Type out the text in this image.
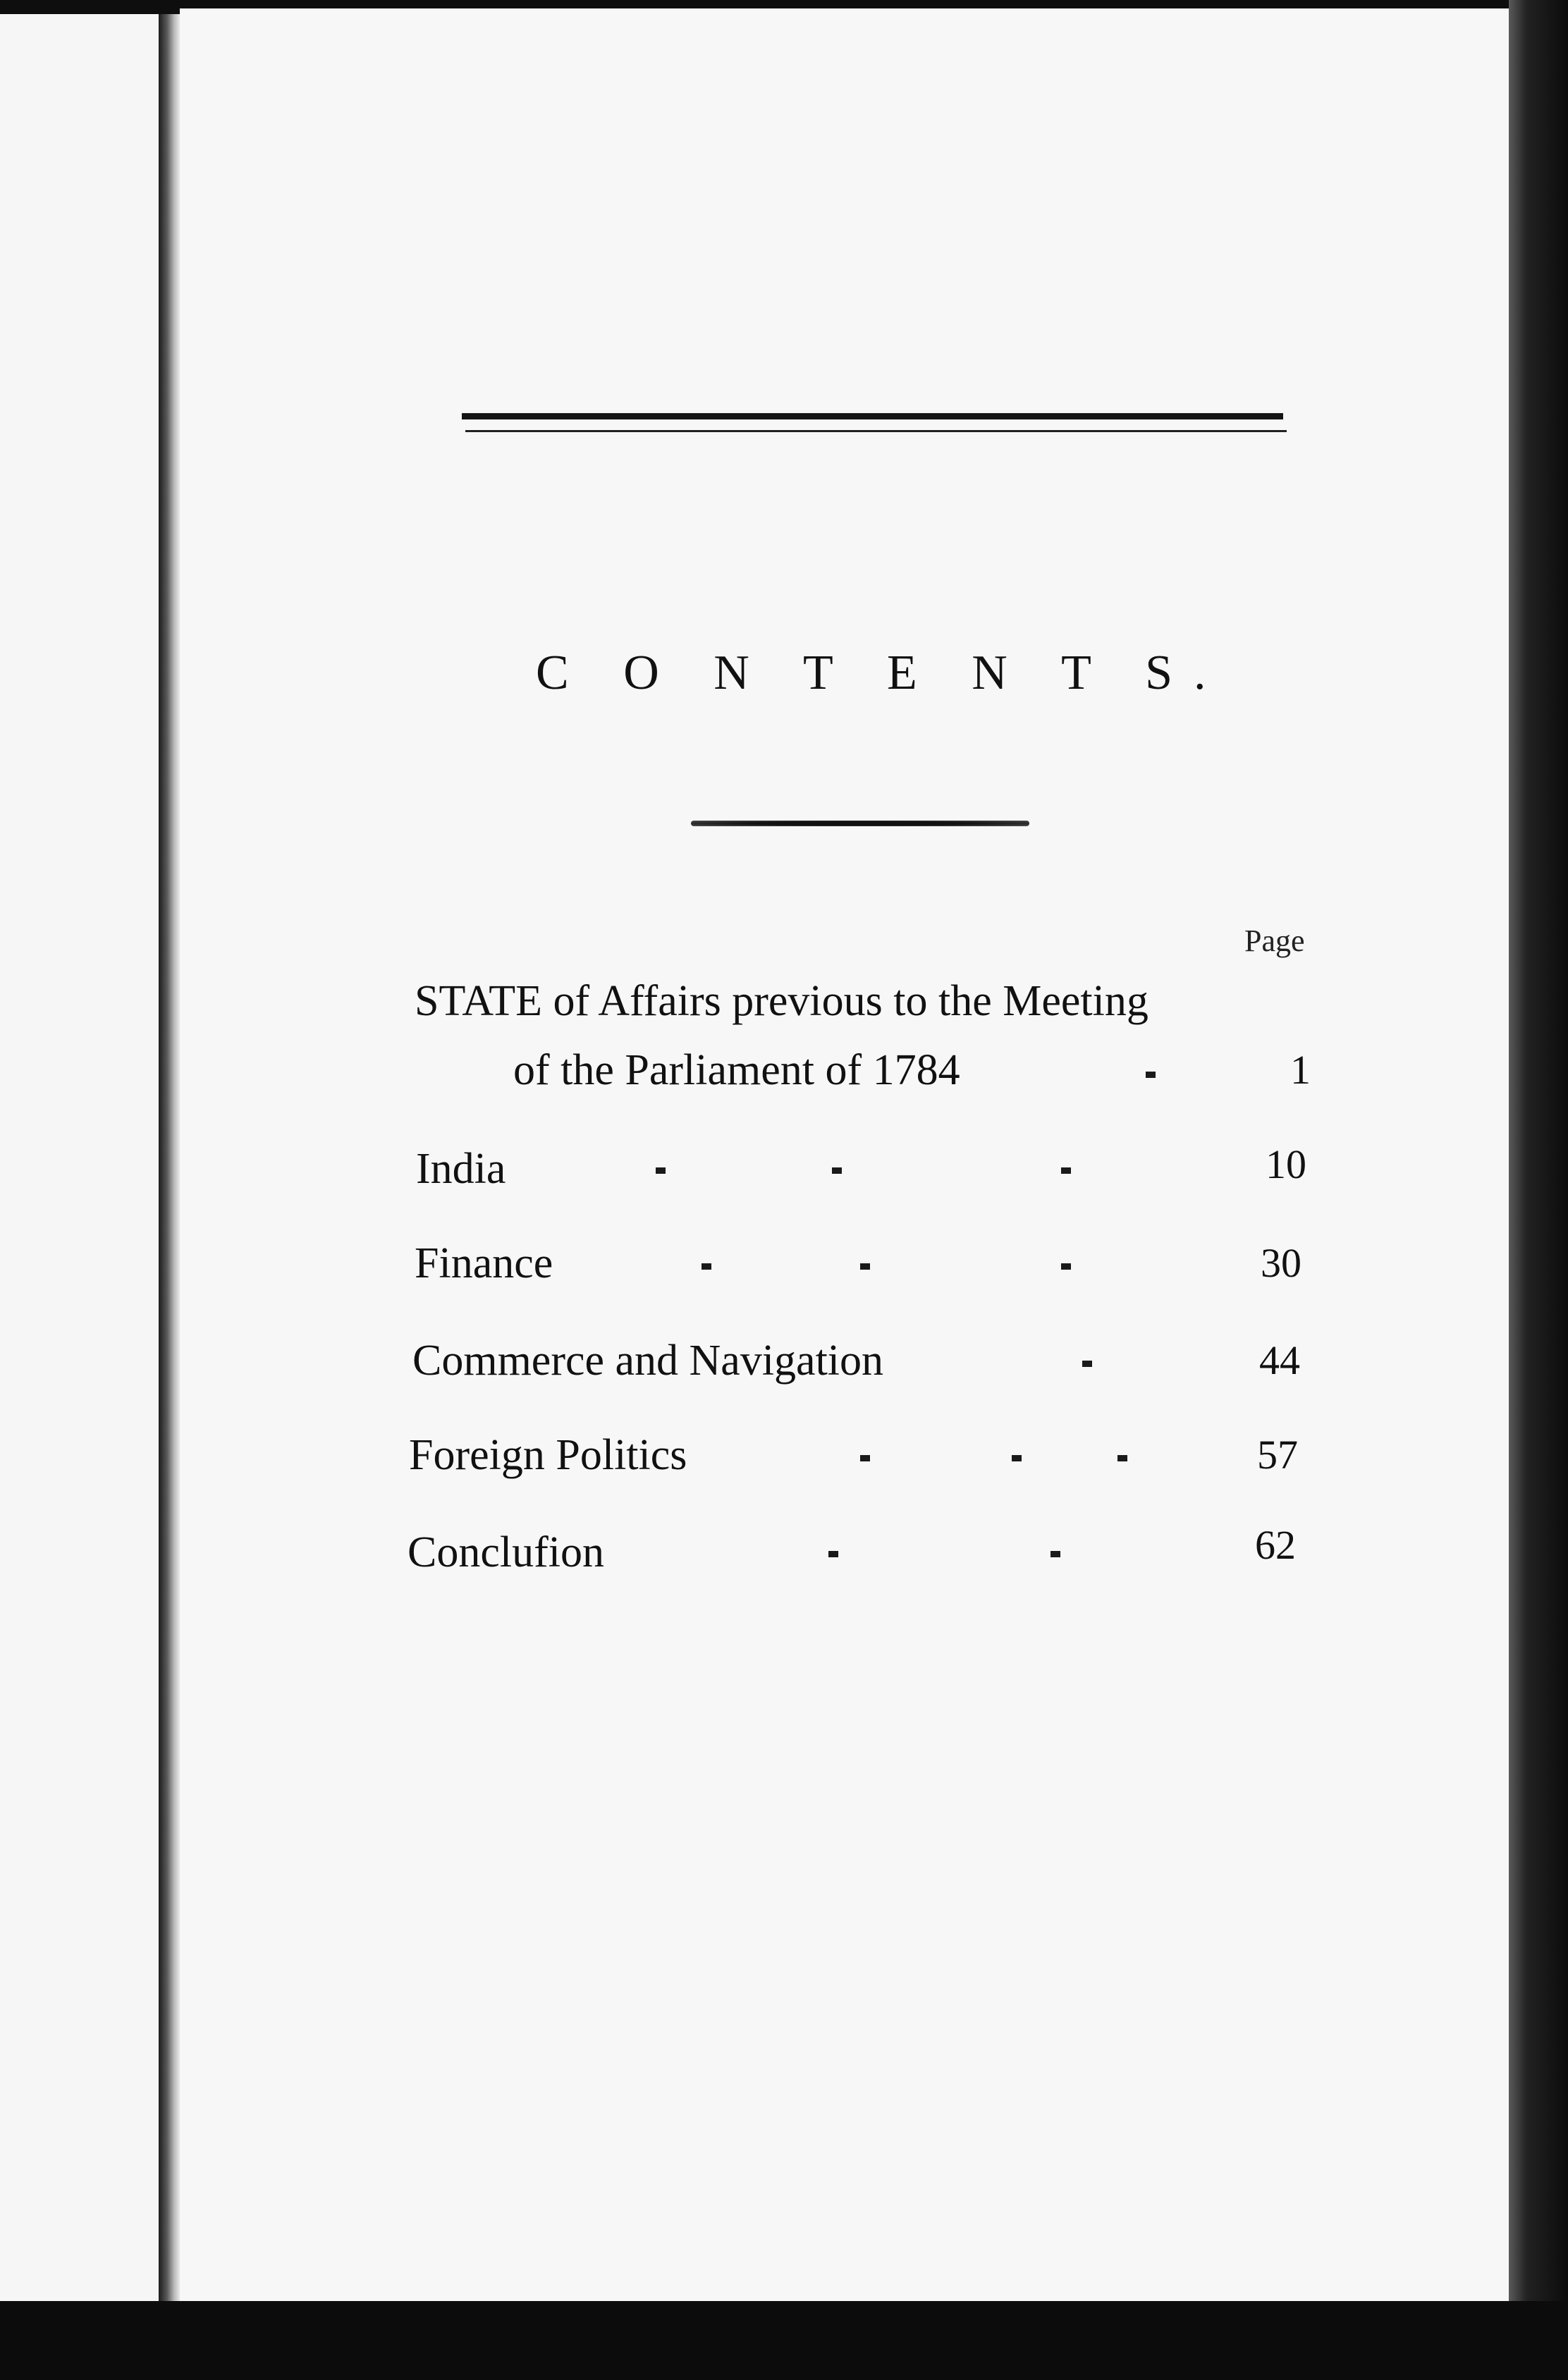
C O N T E N T S.
Page
STATE of Affairs previous to the Meeting
of the Parliament of 1784	1
India	10
Finance	30
Commerce and Navigation	44
Foreign Politics	57
Conclufion	62
